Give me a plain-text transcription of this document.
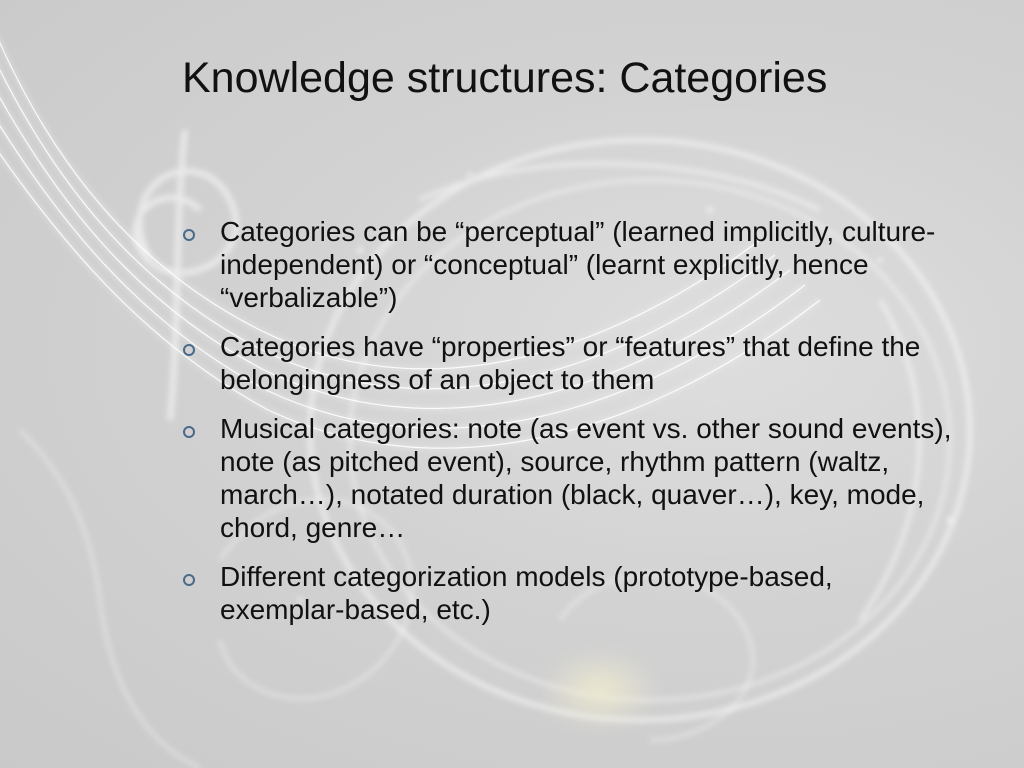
Knowledge structures: Categories
Categories can be “perceptual” (learned implicitly, culture-independent) or “conceptual” (learnt explicitly, hence “verbalizable”)
Categories have “properties” or “features” that define the belongingness of an object to them
Musical categories: note (as event vs. other sound events), note (as pitched event), source, rhythm pattern (waltz, march…), notated duration (black, quaver…), key, mode, chord, genre…
Different categorization models (prototype-based, exemplar-based, etc.)
